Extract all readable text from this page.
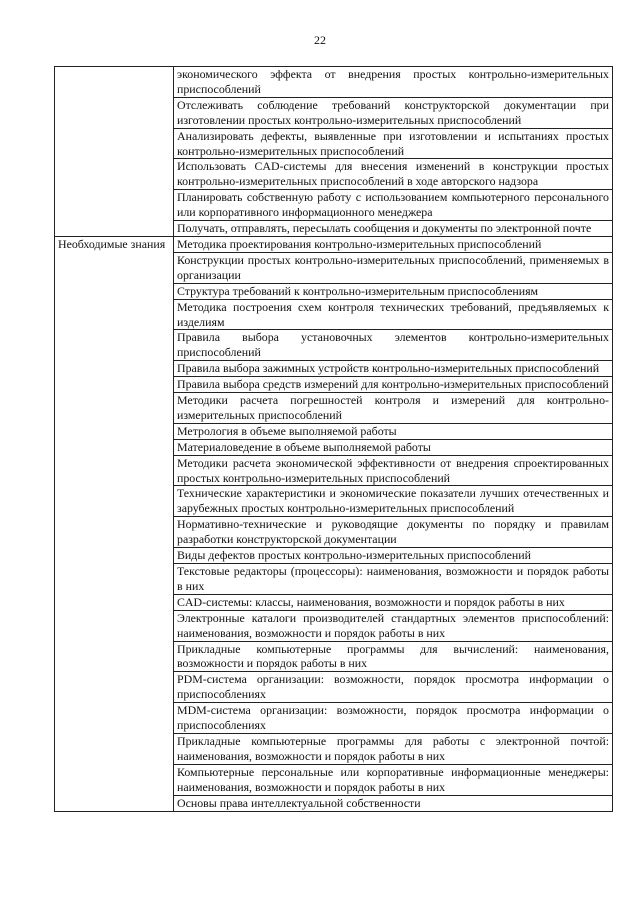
22
	экономического эффекта от внедрения простых контрольно-измерительных приспособлений
	Отслеживать соблюдение требований конструкторской документации при изготовлении простых контрольно-измерительных приспособлений
	Анализировать дефекты, выявленные при изготовлении и испытаниях простых контрольно-измерительных приспособлений
	Использовать CAD-системы для внесения изменений в конструкции простых контрольно-измерительных приспособлений в ходе авторского надзора
	Планировать собственную работу с использованием компьютерного персонального или корпоративного информационного менеджера
	Получать, отправлять, пересылать сообщения и документы по электронной почте
Необходимые знания	Методика проектирования контрольно-измерительных приспособлений
	Конструкции простых контрольно-измерительных приспособлений, применяемых в организации
	Структура требований к контрольно-измерительным приспособлениям
	Методика построения схем контроля технических требований, предъявляемых к изделиям
	Правила выбора установочных элементов контрольно-измерительных приспособлений
	Правила выбора зажимных устройств контрольно-измерительных приспособлений
	Правила выбора средств измерений для контрольно-измерительных приспособлений
	Методики расчета погрешностей контроля и измерений для контрольно-измерительных приспособлений
	Метрология в объеме выполняемой работы
	Материаловедение в объеме выполняемой работы
	Методики расчета экономической эффективности от внедрения спроектированных простых контрольно-измерительных приспособлений
	Технические характеристики и экономические показатели лучших отечественных и зарубежных простых контрольно-измерительных приспособлений
	Нормативно-технические и руководящие документы по порядку и правилам разработки конструкторской документации
	Виды дефектов простых контрольно-измерительных приспособлений
	Текстовые редакторы (процессоры): наименования, возможности и порядок работы в них
	CAD-системы: классы, наименования, возможности и порядок работы в них
	Электронные каталоги производителей стандартных элементов приспособлений: наименования, возможности и порядок работы в них
	Прикладные компьютерные программы для вычислений: наименования, возможности и порядок работы в них
	PDM-система организации: возможности, порядок просмотра информации о приспособлениях
	MDM-система организации: возможности, порядок просмотра информации о приспособлениях
	Прикладные компьютерные программы для работы с электронной почтой: наименования, возможности и порядок работы в них
	Компьютерные персональные или корпоративные информационные менеджеры: наименования, возможности и порядок работы в них
	Основы права интеллектуальной собственности
